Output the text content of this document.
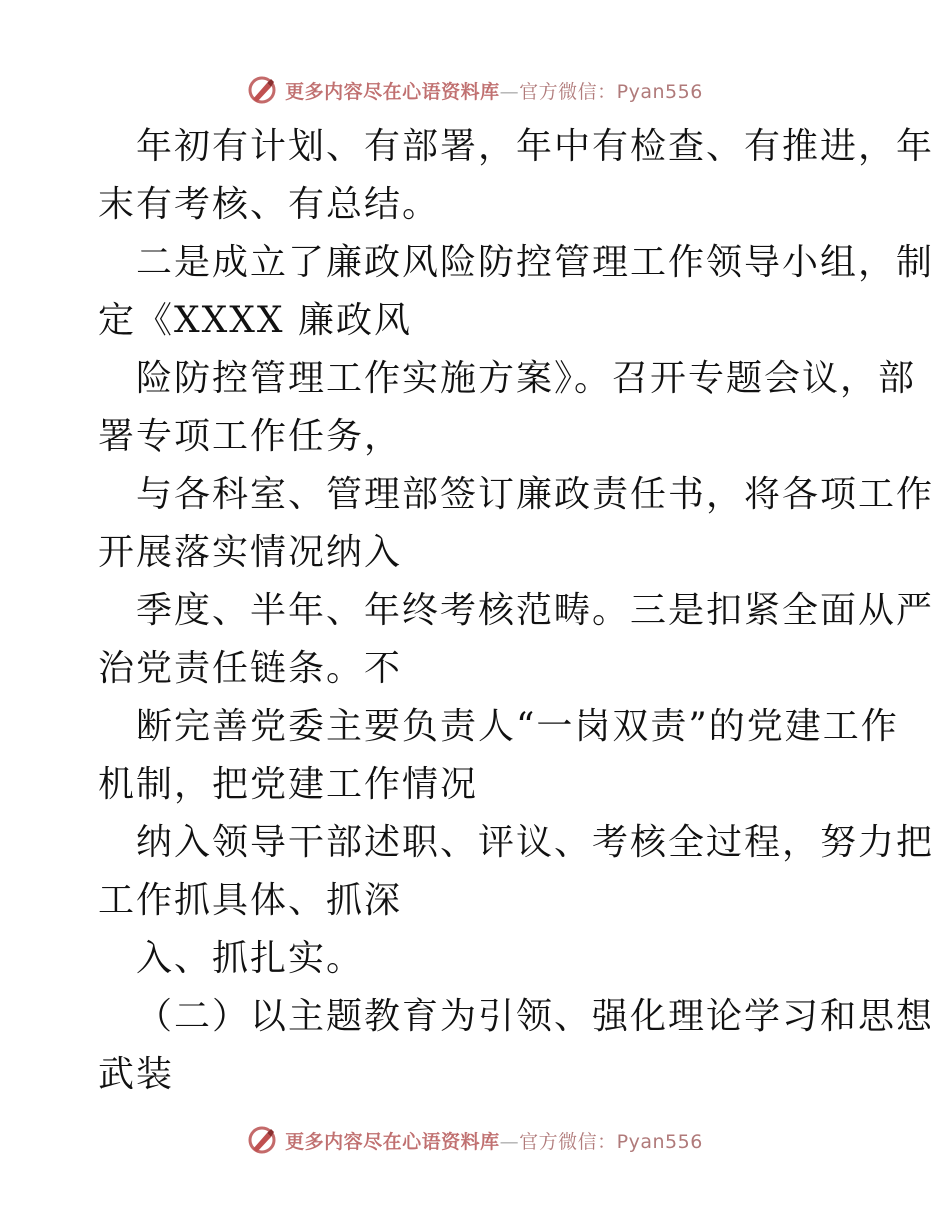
更多内容尽在心语资料库—官方微信：Pyan556
年初有计划、有部署，年中有检查、有推进，年
末有考核、有总结。
二是成立了廉政风险防控管理工作领导小组，制
定《XXXX 廉政风
险防控管理工作实施方案》。召开专题会议，部
署专项工作任务，
与各科室、管理部签订廉政责任书，将各项工作
开展落实情况纳入
季度、半年、年终考核范畴。三是扣紧全面从严
治党责任链条。不
断完善党委主要负责人“一岗双责”的党建工作
机制，把党建工作情况
纳入领导干部述职、评议、考核全过程，努力把
工作抓具体、抓深
入、抓扎实。
（二）以主题教育为引领、强化理论学习和思想
武装
更多内容尽在心语资料库—官方微信：Pyan556
